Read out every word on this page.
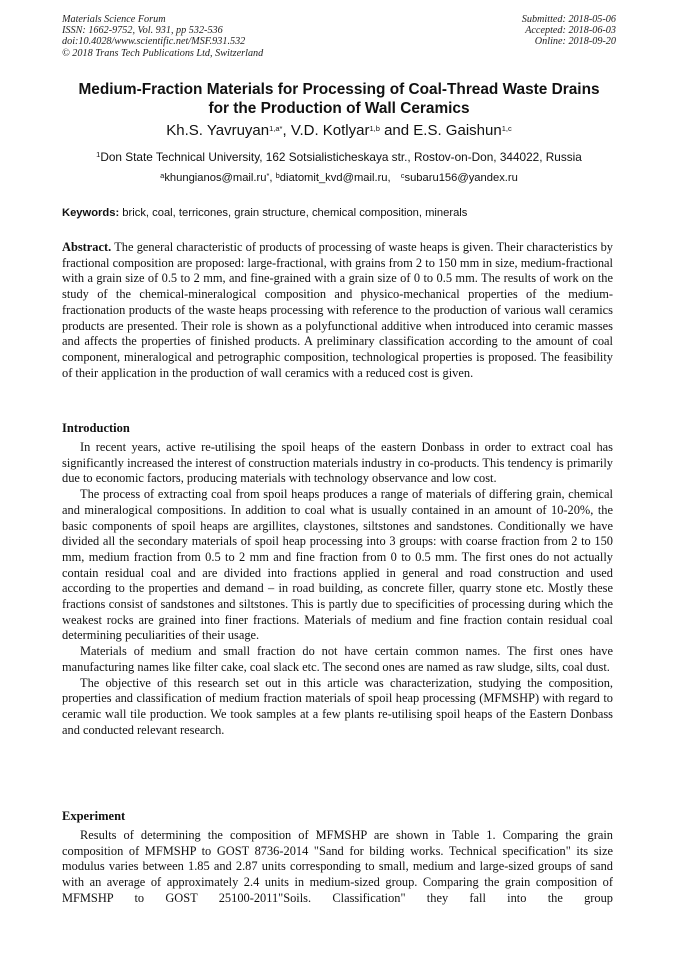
Materials Science Forum
ISSN: 1662-9752, Vol. 931, pp 532-536
doi:10.4028/www.scientific.net/MSF.931.532
© 2018 Trans Tech Publications Ltd, Switzerland
Submitted: 2018-05-06
Accepted: 2018-06-03
Online: 2018-09-20
Medium-Fraction Materials for Processing of Coal-Thread Waste Drains
for the Production of Wall Ceramics
Kh.S. Yavruyan$^{1,a*}$, V.D. Kotlyar$^{1,b}$ and E.S. Gaishun$^{1,c}$
$^1$Don State Technical University, 162 Sotsialisticheskaya str., Rostov-on-Don, 344022, Russia
$^a$khungianos@mail.ru*, $^b$diatomit_kvd@mail.ru, $^c$subaru156@yandex.ru
Keywords: brick, coal, terricones, grain structure, chemical composition, minerals
Abstract. The general characteristic of products of processing of waste heaps is given. Their characteristics by fractional composition are proposed: large-fractional, with grains from 2 to 150 mm in size, medium-fractional with a grain size of 0.5 to 2 mm, and fine-grained with a grain size of 0 to 0.5 mm. The results of work on the study of the chemical-mineralogical composition and physico-mechanical properties of the medium-fractionation products of the waste heaps processing with reference to the production of various wall ceramics products are presented. Their role is shown as a polyfunctional additive when introduced into ceramic masses and affects the properties of finished products. A preliminary classification according to the amount of coal component, mineralogical and petrographic composition, technological properties is proposed. The feasibility of their application in the production of wall ceramics with a reduced cost is given.
Introduction

In recent years, active re-utilising the spoil heaps of the eastern Donbass in order to extract coal has significantly increased the interest of construction materials industry in co-products. This tendency is primarily due to economic factors, producing materials with technology observance and low cost.

The process of extracting coal from spoil heaps produces a range of materials of differing grain, chemical and mineralogical compositions. In addition to coal what is usually contained in an amount of 10-20%, the basic components of spoil heaps are argillites, claystones, siltstones and sandstones. Conditionally we have divided all the secondary materials of spoil heap processing into 3 groups: with coarse fraction from 2 to 150 mm, medium fraction from 0.5 to 2 mm and fine fraction from 0 to 0.5 mm. The first ones do not actually contain residual coal and are divided into fractions applied in general and road construction and used according to the properties and demand – in road building, as concrete filler, quarry stone etc. Mostly these fractions consist of sandstones and siltstones. This is partly due to specificities of processing during which the weakest rocks are grained into finer fractions. Materials of medium and fine fraction contain residual coal determining peculiarities of their usage.

Materials of medium and small fraction do not have certain common names. The first ones have manufacturing names like filter cake, coal slack etc. The second ones are named as raw sludge, silts, coal dust.

The objective of this research set out in this article was characterization, studying the composition, properties and classification of medium fraction materials of spoil heap processing (MFMSHP) with regard to ceramic wall tile production. We took samples at a few plants re-utilising spoil heaps of the Eastern Donbass and conducted relevant research.

Experiment

Results of determining the composition of MFMSHP are shown in Table 1. Comparing the grain composition of MFMSHP to GOST 8736-2014 "Sand for bilding works. Technical specification" its size modulus varies between 1.85 and 2.87 units corresponding to small, medium and large-sized groups of sand with an average of approximately 2.4 units in medium-sized group. Comparing the grain composition of MFMSHP to GOST 25100-2011"Soils. Classification" they fall into the group
